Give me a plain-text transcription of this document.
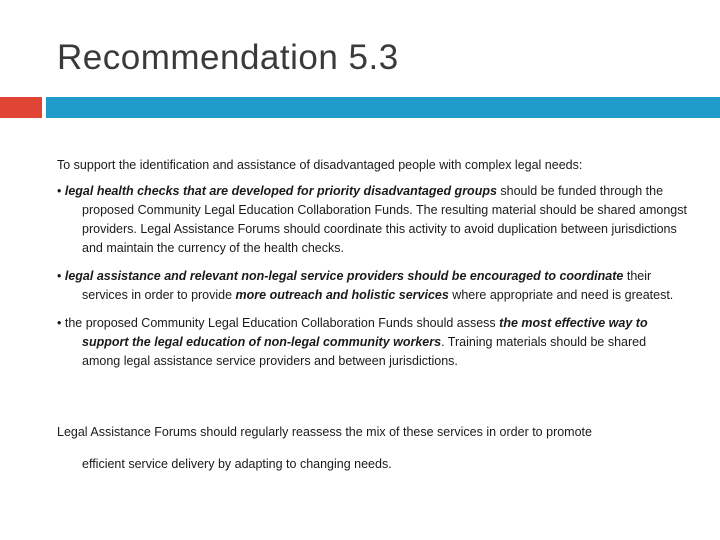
Recommendation 5.3

To support the identification and assistance of disadvantaged people with complex legal needs:

• legal health checks that are developed for priority disadvantaged groups should be funded through the proposed Community Legal Education Collaboration Funds. The resulting material should be shared amongst providers. Legal Assistance Forums should coordinate this activity to avoid duplication between jurisdictions and maintain the currency of the health checks.
• legal assistance and relevant non-legal service providers should be encouraged to coordinate their services in order to provide more outreach and holistic services where appropriate and need is greatest.
• the proposed Community Legal Education Collaboration Funds should assess the most effective way to support the legal education of non-legal community workers. Training materials should be shared among legal assistance service providers and between jurisdictions.

Legal Assistance Forums should regularly reassess the mix of these services in order to promote

efficient service delivery by adapting to changing needs.
